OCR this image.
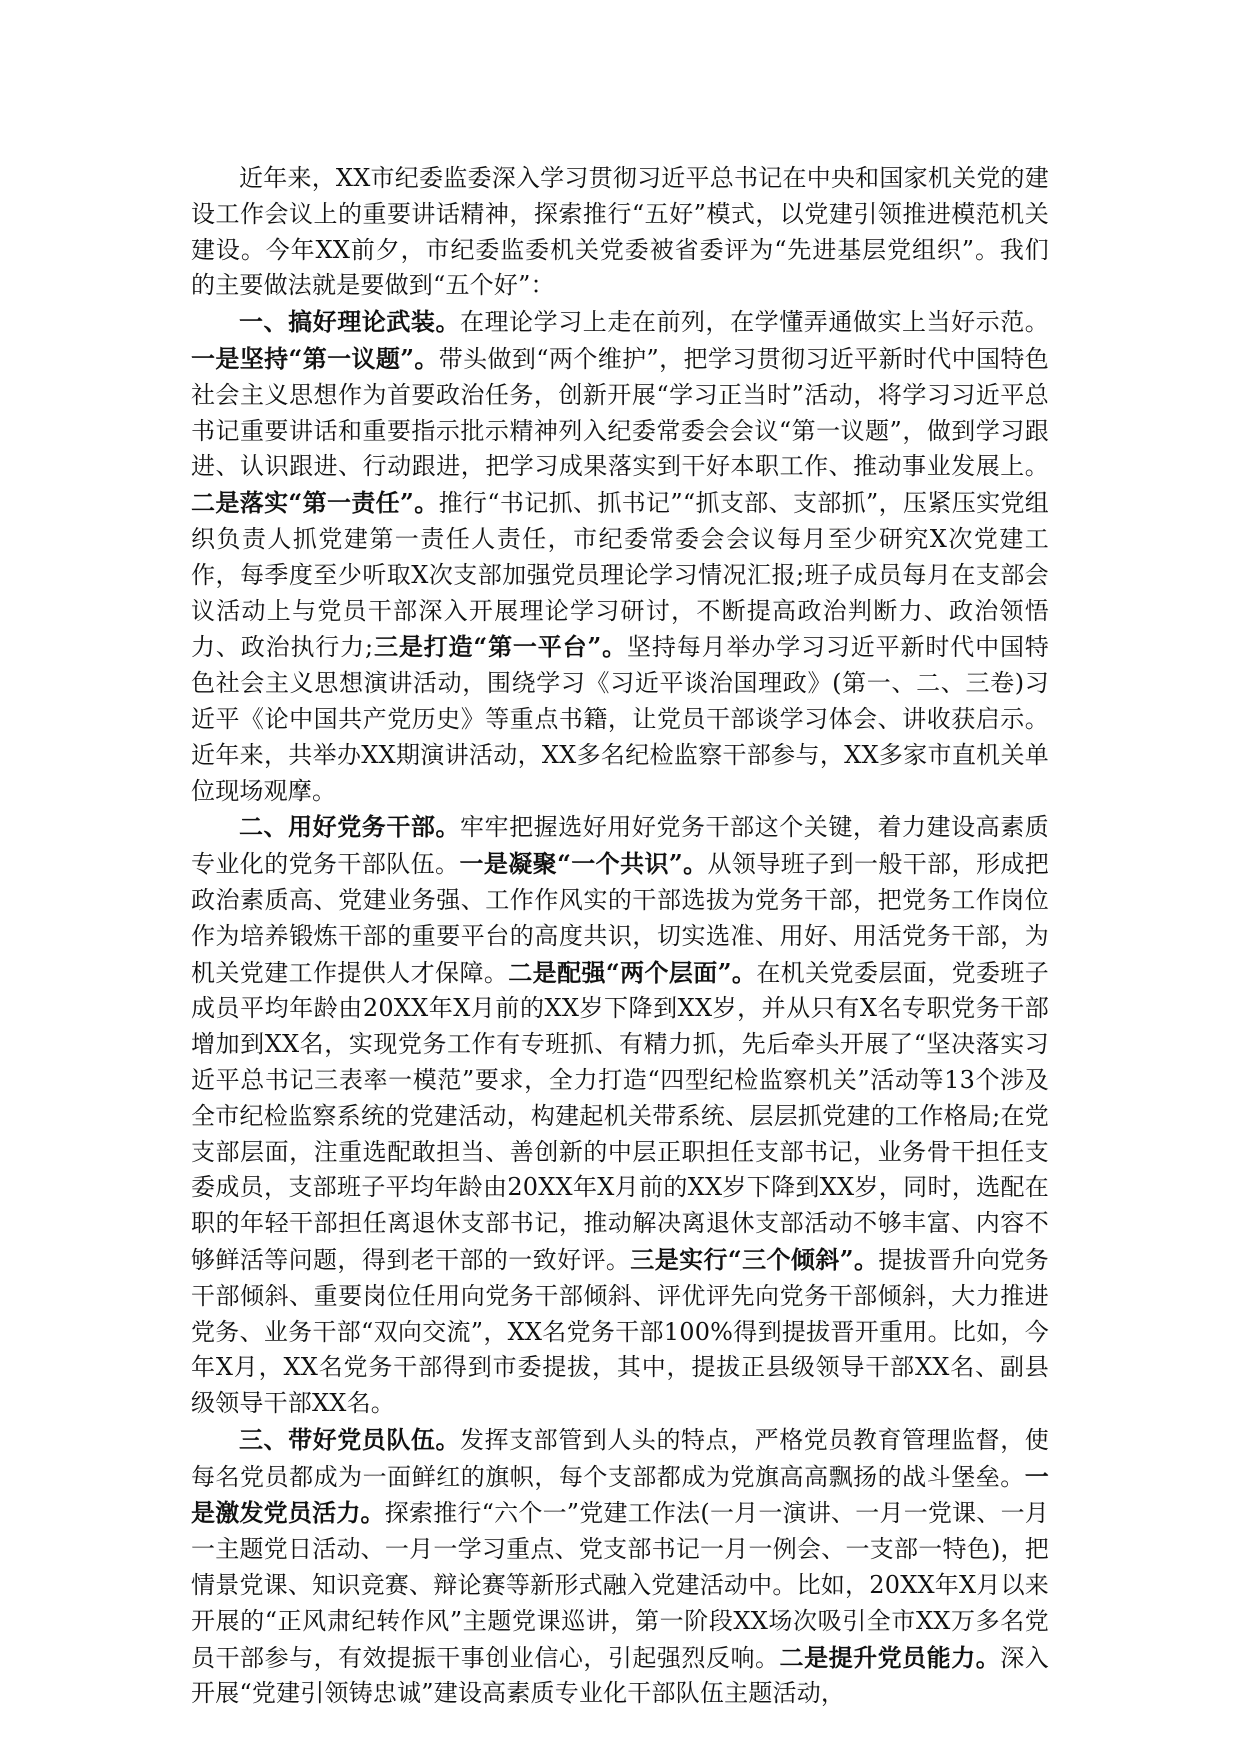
近年来，XX市纪委监委深入学习贯彻习近平总书记在中央和国家机关党的建设工作会议上的重要讲话精神，探索推行“五好”模式，以党建引领推进模范机关建设。今年XX前夕，市纪委监委机关党委被省委评为“先进基层党组织”。我们的主要做法就是要做到“五个好”：

一、搞好理论武装。在理论学习上走在前列，在学懂弄通做实上当好示范。一是坚持“第一议题”。带头做到“两个维护”，把学习贯彻习近平新时代中国特色社会主义思想作为首要政治任务，创新开展“学习正当时”活动，将学习习近平总书记重要讲话和重要指示批示精神列入纪委常委会会议“第一议题”，做到学习跟进、认识跟进、行动跟进，把学习成果落实到干好本职工作、推动事业发展上。二是落实“第一责任”。推行“书记抓、抓书记”“抓支部、支部抓”，压紧压实党组织负责人抓党建第一责任人责任，市纪委常委会会议每月至少研究X次党建工作，每季度至少听取X次支部加强党员理论学习情况汇报;班子成员每月在支部会议活动上与党员干部深入开展理论学习研讨，不断提高政治判断力、政治领悟力、政治执行力;三是打造“第一平台”。坚持每月举办学习习近平新时代中国特色社会主义思想演讲活动，围绕学习《习近平谈治国理政》(第一、二、三卷)习近平《论中国共产党历史》等重点书籍，让党员干部谈学习体会、讲收获启示。近年来，共举办XX期演讲活动，XX多名纪检监察干部参与，XX多家市直机关单位现场观摩。

二、用好党务干部。牢牢把握选好用好党务干部这个关键，着力建设高素质专业化的党务干部队伍。一是凝聚“一个共识”。从领导班子到一般干部，形成把政治素质高、党建业务强、工作作风实的干部选拔为党务干部，把党务工作岗位作为培养锻炼干部的重要平台的高度共识，切实选准、用好、用活党务干部，为机关党建工作提供人才保障。二是配强“两个层面”。在机关党委层面，党委班子成员平均年龄由20XX年X月前的XX岁下降到XX岁，并从只有X名专职党务干部增加到XX名，实现党务工作有专班抓、有精力抓，先后牵头开展了“坚决落实习近平总书记三表率一模范”要求，全力打造“四型纪检监察机关”活动等13个涉及全市纪检监察系统的党建活动，构建起机关带系统、层层抓党建的工作格局;在党支部层面，注重选配敢担当、善创新的中层正职担任支部书记，业务骨干担任支委成员，支部班子平均年龄由20XX年X月前的XX岁下降到XX岁，同时，选配在职的年轻干部担任离退休支部书记，推动解决离退休支部活动不够丰富、内容不够鲜活等问题，得到老干部的一致好评。三是实行“三个倾斜”。提拔晋升向党务干部倾斜、重要岗位任用向党务干部倾斜、评优评先向党务干部倾斜，大力推进党务、业务干部“双向交流”，XX名党务干部100%得到提拔晋开重用。比如，今年X月，XX名党务干部得到市委提拔，其中，提拔正县级领导干部XX名、副县级领导干部XX名。

三、带好党员队伍。发挥支部管到人头的特点，严格党员教育管理监督，使每名党员都成为一面鲜红的旗帜，每个支部都成为党旗高高飘扬的战斗堡垒。一是激发党员活力。探索推行“六个一”党建工作法(一月一演讲、一月一党课、一月一主题党日活动、一月一学习重点、党支部书记一月一例会、一支部一特色)，把情景党课、知识竞赛、辩论赛等新形式融入党建活动中。比如，20XX年X月以来开展的“正风肃纪转作风”主题党课巡讲，第一阶段XX场次吸引全市XX万多名党员干部参与，有效提振干事创业信心，引起强烈反响。二是提升党员能力。深入开展“党建引领铸忠诚”建设高素质专业化干部队伍主题活动，
